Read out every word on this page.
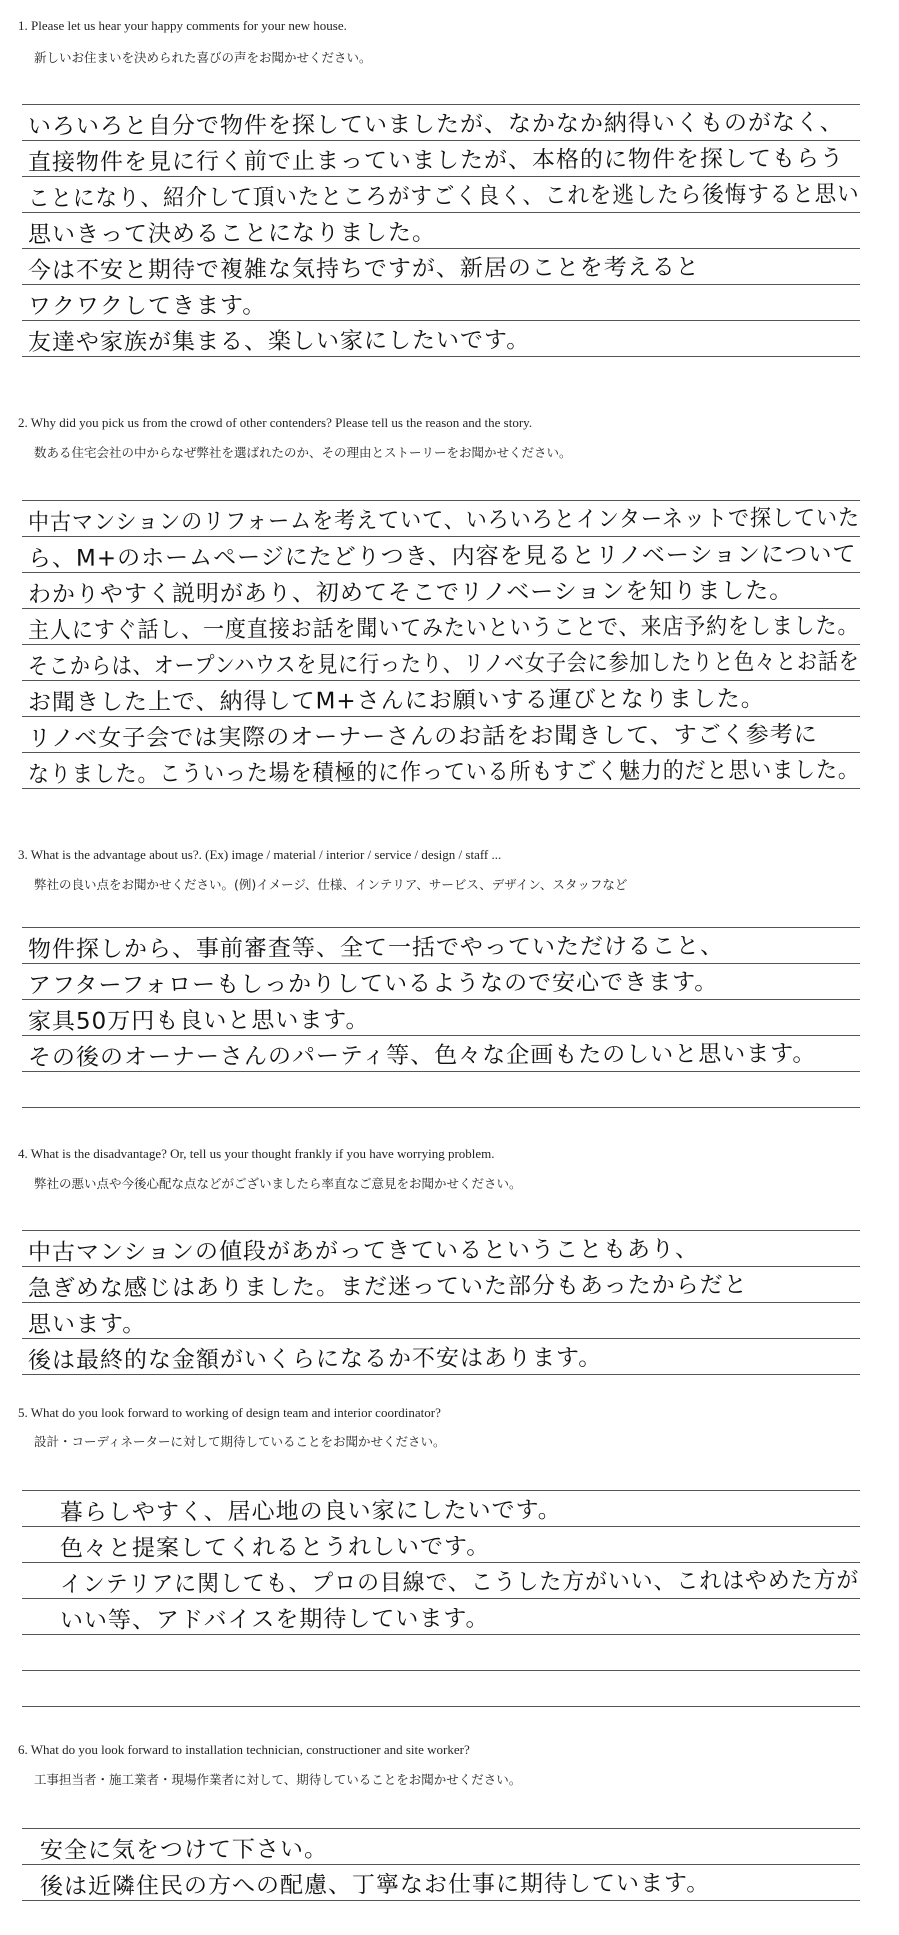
1. Please let us hear your happy comments for your new house.
新しいお住まいを決められた喜びの声をお聞かせください。
いろいろと自分で物件を探していましたが、なかなか納得いくものがなく、
直接物件を見に行く前で止まっていましたが、本格的に物件を探してもらう
ことになり、紹介して頂いたところがすごく良く、これを逃したら後悔すると思い
思いきって決めることになりました。
今は不安と期待で複雑な気持ちですが、新居のことを考えると
ワクワクしてきます。
友達や家族が集まる、楽しい家にしたいです。
2. Why did you pick us from the crowd of other contenders? Please tell us the reason and the story.
数ある住宅会社の中からなぜ弊社を選ばれたのか、その理由とストーリーをお聞かせください。
中古マンションのリフォームを考えていて、いろいろとインターネットで探していた
ら、M+のホームページにたどりつき、内容を見るとリノベーションについて
わかりやすく説明があり、初めてそこでリノベーションを知りました。
主人にすぐ話し、一度直接お話を聞いてみたいということで、来店予約をしました。
そこからは、オープンハウスを見に行ったり、リノベ女子会に参加したりと色々とお話を
お聞きした上で、納得してM+さんにお願いする運びとなりました。
リノベ女子会では実際のオーナーさんのお話をお聞きして、すごく参考に
なりました。こういった場を積極的に作っている所もすごく魅力的だと思いました。
3. What is the advantage about us?. (Ex) image / material / interior / service / design / staff ...
弊社の良い点をお聞かせください。(例)イメージ、仕様、インテリア、サービス、デザイン、スタッフなど
物件探しから、事前審査等、全て一括でやっていただけること、
アフターフォローもしっかりしているようなので安心できます。
家具50万円も良いと思います。
その後のオーナーさんのパーティ等、色々な企画もたのしいと思います。
4. What is the disadvantage? Or, tell us your thought frankly if you have worrying problem.
弊社の悪い点や今後心配な点などがございましたら率直なご意見をお聞かせください。
中古マンションの値段があがってきているということもあり、
急ぎめな感じはありました。まだ迷っていた部分もあったからだと
思います。
後は最終的な金額がいくらになるか不安はあります。
5. What do you look forward to working of design team and interior coordinator?
設計・コーディネーターに対して期待していることをお聞かせください。
暮らしやすく、居心地の良い家にしたいです。
色々と提案してくれるとうれしいです。
インテリアに関しても、プロの目線で、こうした方がいい、これはやめた方が
いい等、アドバイスを期待しています。
6. What do you look forward to installation technician, constructioner and site worker?
工事担当者・施工業者・現場作業者に対して、期待していることをお聞かせください。
安全に気をつけて下さい。
後は近隣住民の方への配慮、丁寧なお仕事に期待しています。
